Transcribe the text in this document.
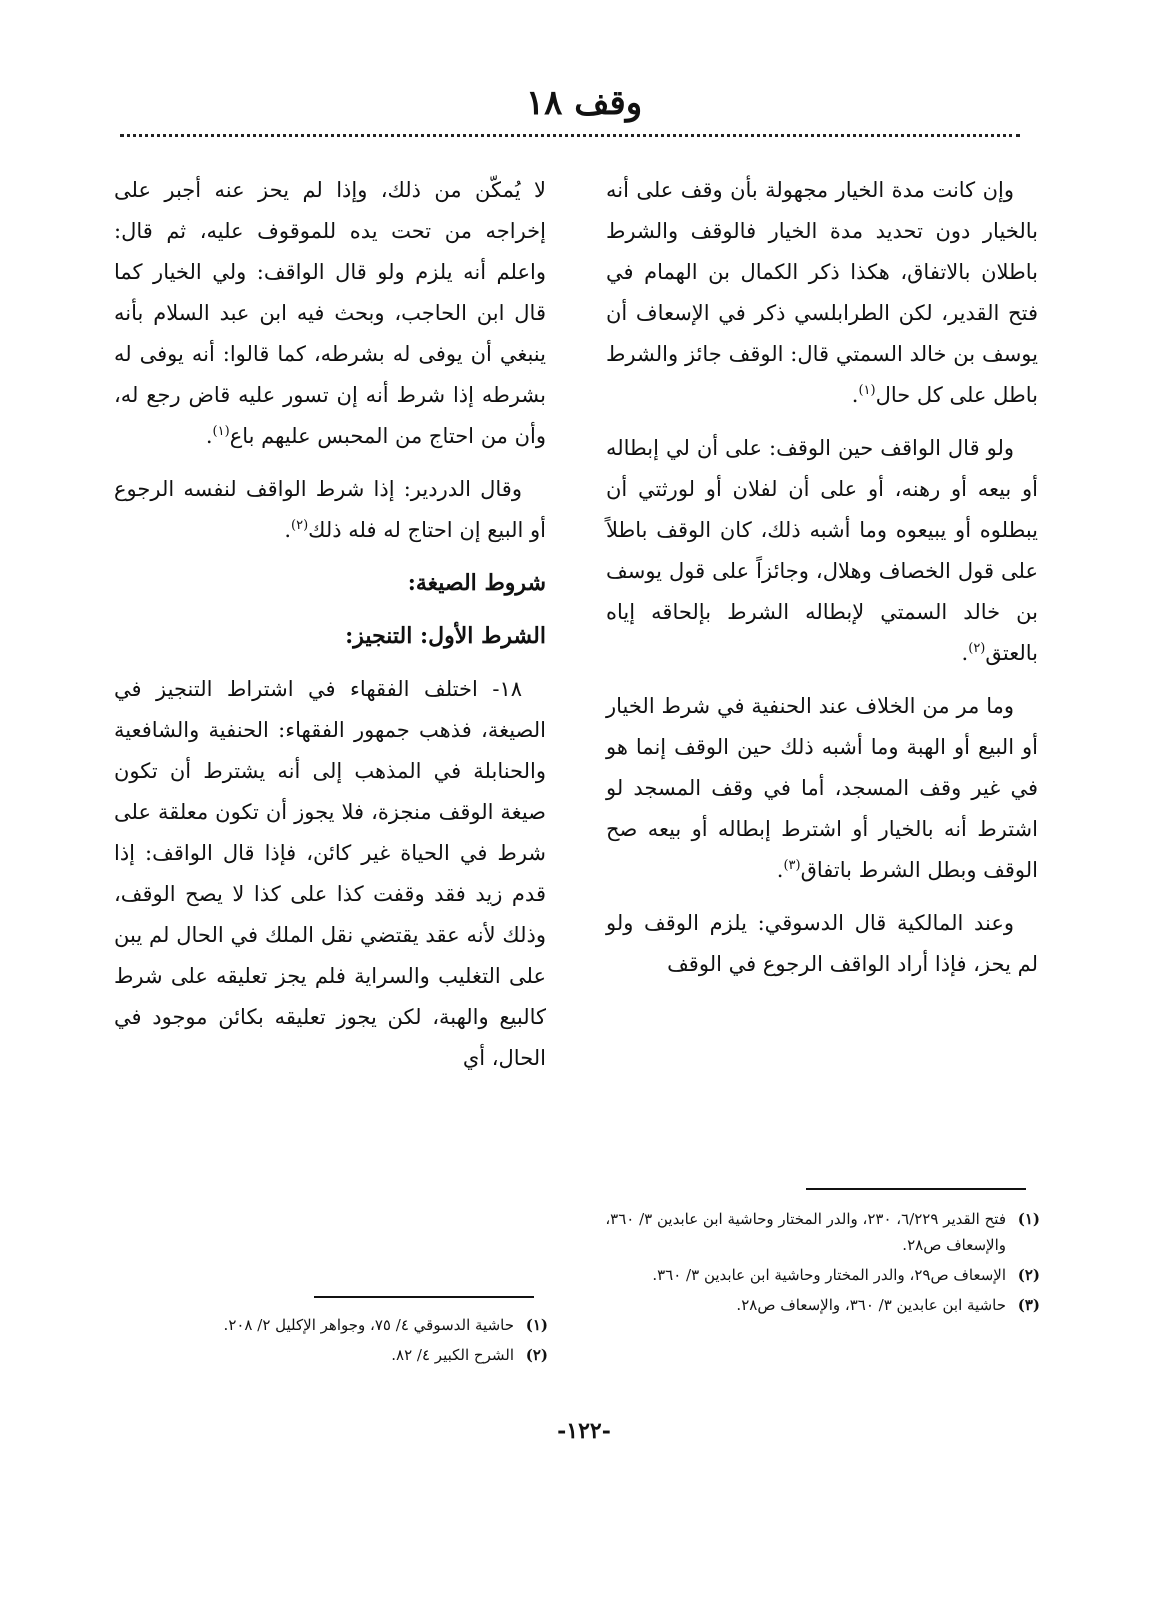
وقف ١٨

وإن كانت مدة الخيار مجهولة بأن وقف على أنه بالخيار دون تحديد مدة الخيار فالوقف والشرط باطلان بالاتفاق، هكذا ذكر الكمال بن الهمام في فتح القدير، لكن الطرابلسي ذكر في الإسعاف أن يوسف بن خالد السمتي قال: الوقف جائز والشرط باطل على كل حال$^{(١)}$.

ولو قال الواقف حين الوقف: على أن لي إبطاله أو بيعه أو رهنه، أو على أن لفلان أو لورثتي أن يبطلوه أو يبيعوه وما أشبه ذلك، كان الوقف باطلاً على قول الخصاف وهلال، وجائزاً على قول يوسف بن خالد السمتي لإبطاله الشرط بإلحاقه إياه بالعتق$^{(٢)}$.

وما مر من الخلاف عند الحنفية في شرط الخيار أو البيع أو الهبة وما أشبه ذلك حين الوقف إنما هو في غير وقف المسجد، أما في وقف المسجد لو اشترط أنه بالخيار أو اشترط إبطاله أو بيعه صح الوقف وبطل الشرط باتفاق$^{(٣)}$.

وعند المالكية قال الدسوقي: يلزم الوقف ولو لم يحز، فإذا أراد الواقف الرجوع في الوقف

(١)
فتح القدير ٦/٢٢٩، ٢٣٠، والدر المختار وحاشية ابن عابدين ٣/ ٣٦٠، والإسعاف ص٢٨.
(٢)
الإسعاف ص٢٩، والدر المختار وحاشية ابن عابدين ٣/ ٣٦٠.
(٣)
حاشية ابن عابدين ٣/ ٣٦٠، والإسعاف ص٢٨.

لا يُمكّن من ذلك، وإذا لم يحز عنه أجبر على إخراجه من تحت يده للموقوف عليه، ثم قال: واعلم أنه يلزم ولو قال الواقف: ولي الخيار كما قال ابن الحاجب، وبحث فيه ابن عبد السلام بأنه ينبغي أن يوفى له بشرطه، كما قالوا: أنه يوفى له بشرطه إذا شرط أنه إن تسور عليه قاض رجع له، وأن من احتاج من المحبس عليهم باع$^{(١)}$.

وقال الدردير: إذا شرط الواقف لنفسه الرجوع أو البيع إن احتاج له فله ذلك$^{(٢)}$.

شروط الصيغة:
الشرط الأول: التنجيز:

١٨- اختلف الفقهاء في اشتراط التنجيز في الصيغة، فذهب جمهور الفقهاء: الحنفية والشافعية والحنابلة في المذهب إلى أنه يشترط أن تكون صيغة الوقف منجزة، فلا يجوز أن تكون معلقة على شرط في الحياة غير كائن، فإذا قال الواقف: إذا قدم زيد فقد وقفت كذا على كذا لا يصح الوقف، وذلك لأنه عقد يقتضي نقل الملك في الحال لم يبن على التغليب والسراية فلم يجز تعليقه على شرط كالبيع والهبة، لكن يجوز تعليقه بكائن موجود في الحال، أي

(١)
حاشية الدسوقي ٤/ ٧٥، وجواهر الإكليل ٢/ ٢٠٨.
(٢)
الشرح الكبير ٤/ ٨٢.
-١٢٢-
